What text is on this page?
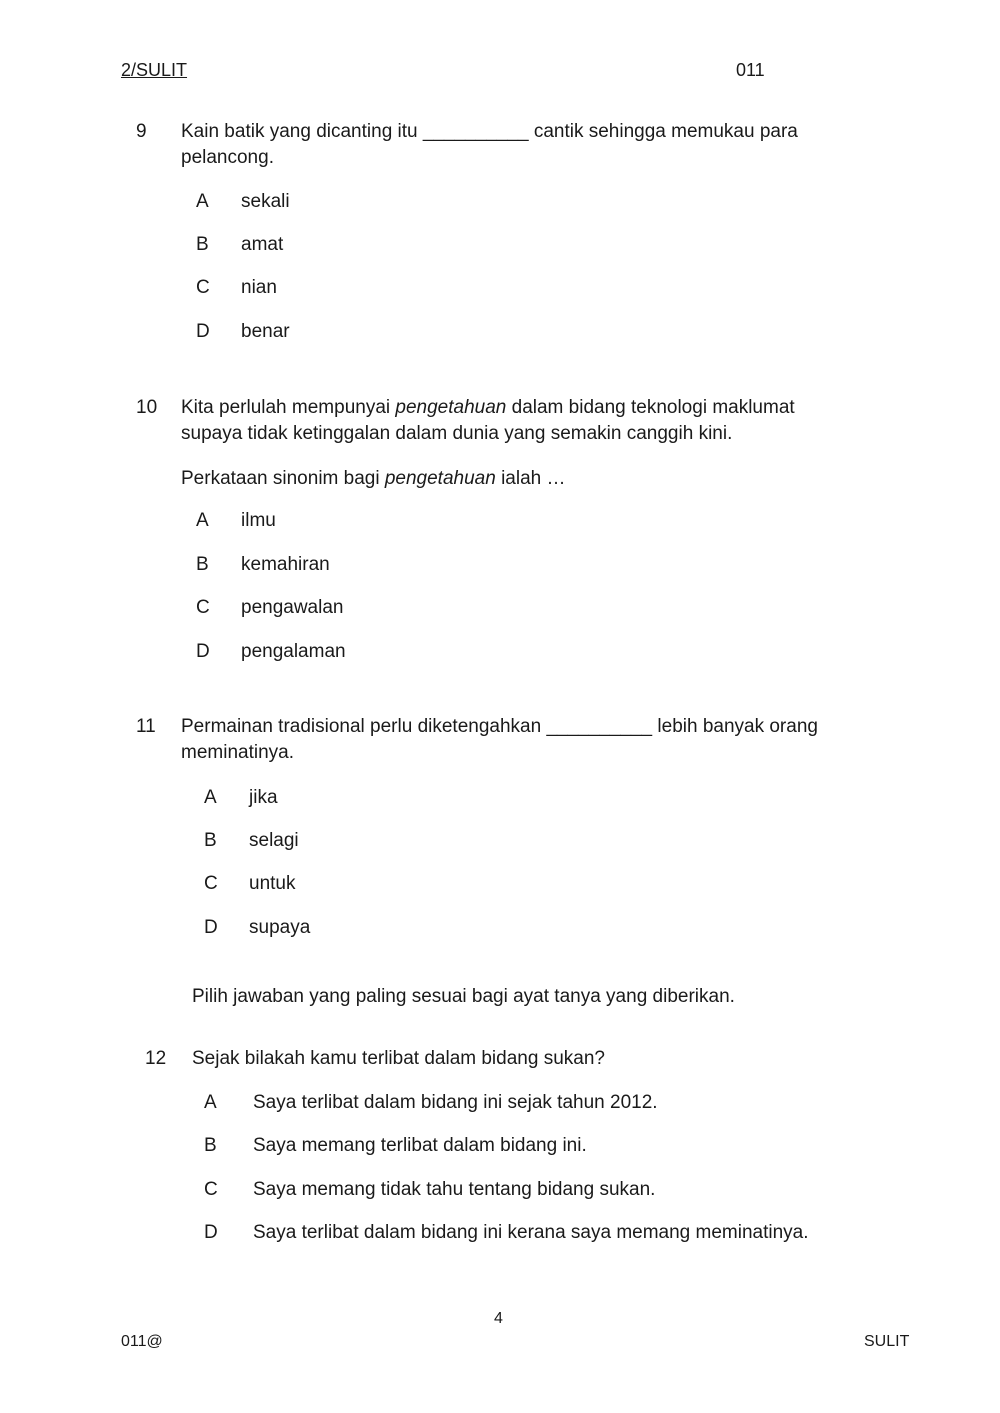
2/SULIT	011
9 Kain batik yang dicanting itu __________ cantik sehingga memukau para pelancong.
A sekali
B amat
C nian
D benar
10 Kita perlulah mempunyai pengetahuan dalam bidang teknologi maklumat supaya tidak ketinggalan dalam dunia yang semakin canggih kini.
Perkataan sinonim bagi pengetahuan ialah …
A ilmu
B kemahiran
C pengawalan
D pengalaman
11 Permainan tradisional perlu diketengahkan __________ lebih banyak orang meminatinya.
A jika
B selagi
C untuk
D supaya
Pilih jawaban yang paling sesuai bagi ayat tanya yang diberikan.
12 Sejak bilakah kamu terlibat dalam bidang sukan?
A Saya terlibat dalam bidang ini sejak tahun 2012.
B Saya memang terlibat dalam bidang ini.
C Saya memang tidak tahu tentang bidang sukan.
D Saya terlibat dalam bidang ini kerana saya memang meminatinya.
4
011@	SULIT
